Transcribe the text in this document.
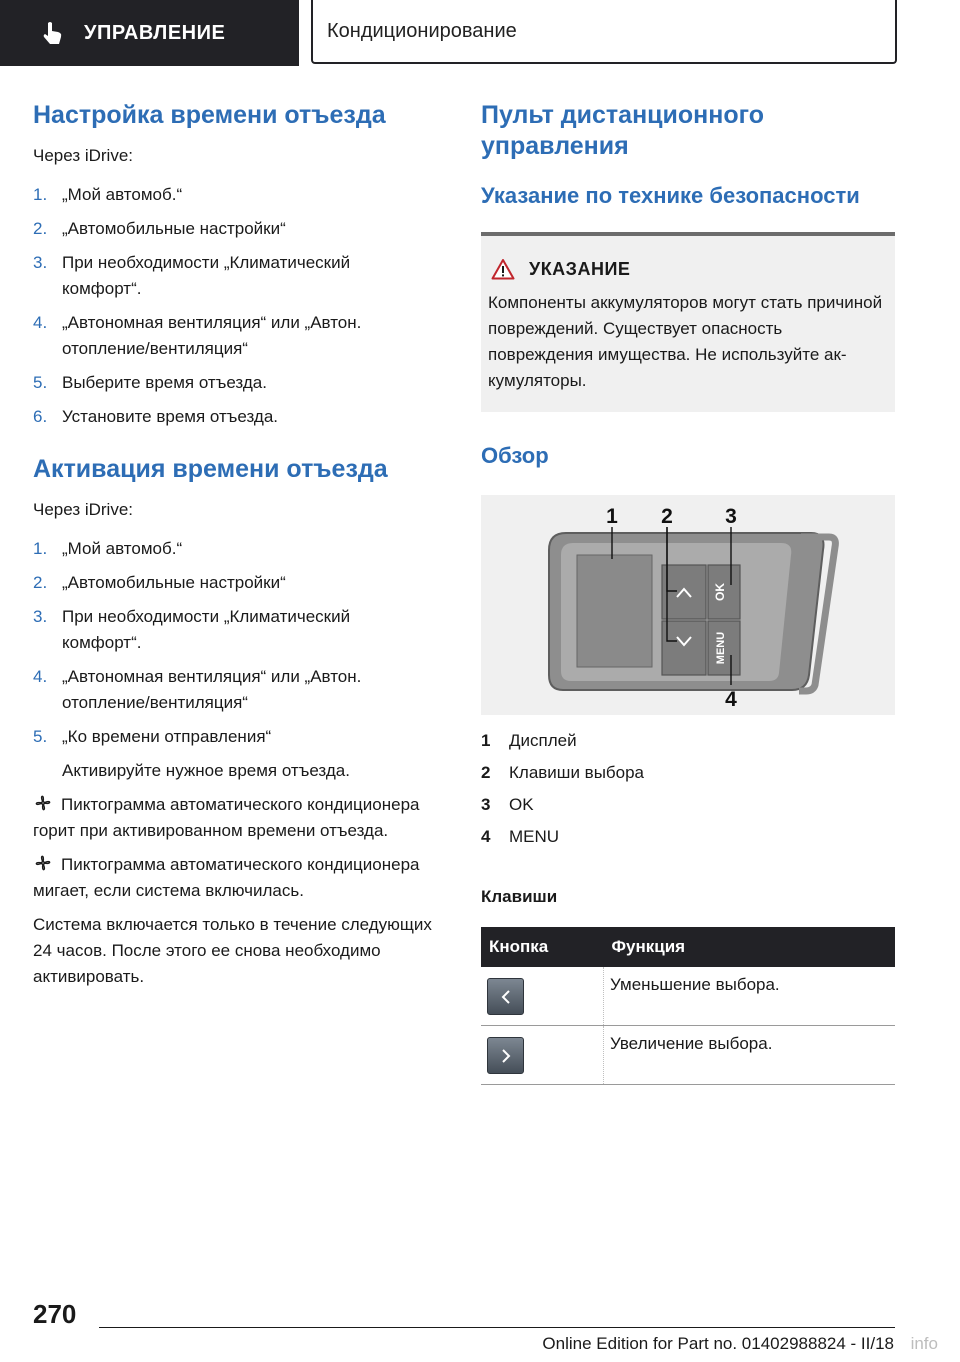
УПРАВЛЕНИЕ	Кондиционирование
Настройка времени отъезда

Через iDrive:

1. „Мой автомоб.“
2. „Автомобильные настройки“
3. При необходимости „Климатический комфорт“.
4. „Автономная вентиляция“ или „Автон. отопление/вентиляция“
5. Выберите время отъезда.
6. Установите время отъезда.
Активация времени отъезда

Через iDrive:

1. „Мой автомоб.“
2. „Автомобильные настройки“
3. При необходимости „Климатический комфорт“.
4. „Автономная вентиляция“ или „Автон. отопление/вентиляция“
5. „Ко времени отправления“

Активируйте нужное время отъезда.

Пиктограмма автоматического кондиционера горит при активированном времени отъезда.

Пиктограмма автоматического кондиционера мигает, если система включилась.

Система включается только в течение следующих 24 часов. После этого ее снова необходимо активировать.

Пульт дистанционного управления
Указание по технике безопасности
УКАЗАНИЕ

Компоненты аккумуляторов могут стать причиной повреждений. Существует опасность повреждения имущества. Не используйте аккумуляторы.

Обзор
OK
MENU
1 2 3
4
1	Дисплей
2	Клавиши выбора
3	OK
4	MENU
Клавиши
Кнопка	Функция

	Уменьшение выбора.

	Увеличение выбора.
270
Online Edition for Part no. 01402988824 - II/18 info
